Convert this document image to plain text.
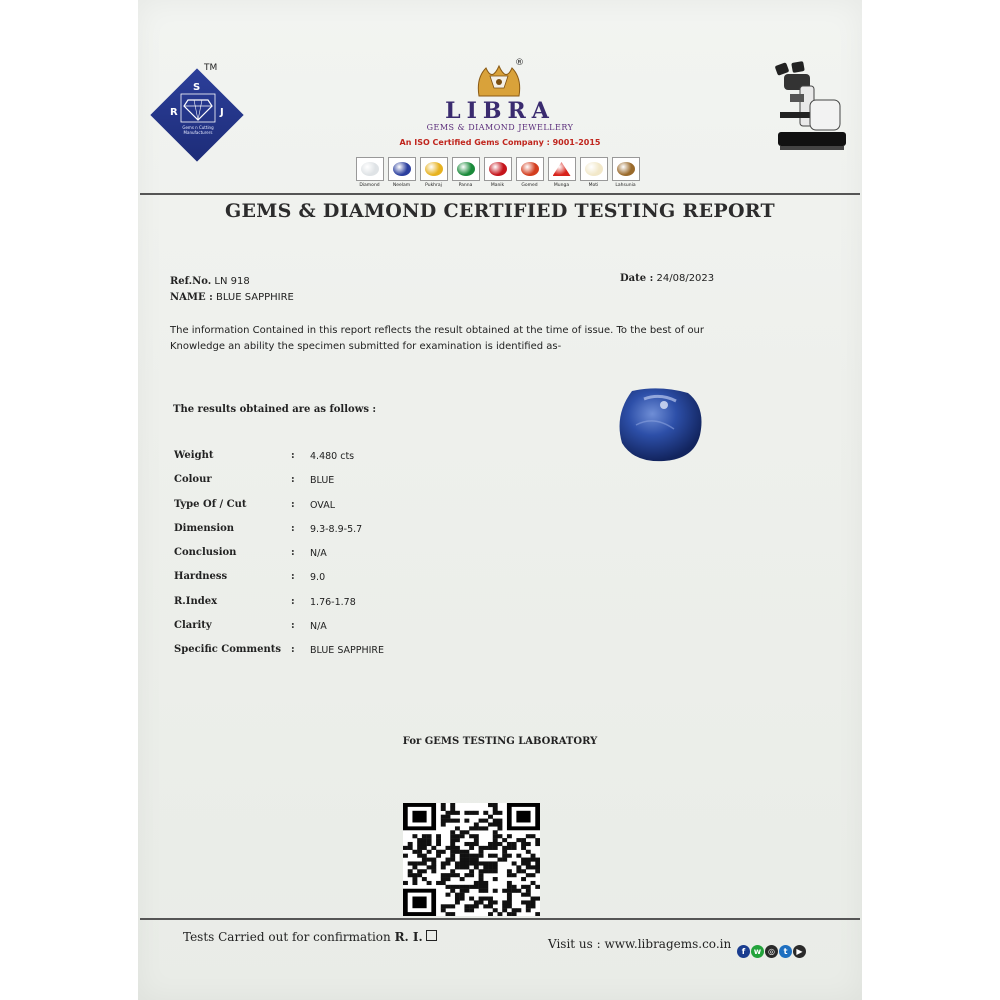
S
R	J
Gems n Cutting Manufacturers
TM	®
LIBRA
GEMS & DIAMOND JEWELLERY
An ISO Certified Gems Company : 9001-2015
Diamond	Neelam	Pukhraj	Panna	Manik	Gomed	Munga	Moti	Lahsunia
GEMS & DIAMOND CERTIFIED TESTING REPORT
Ref.No. LN 918
NAME : BLUE SAPPHIRE
Date : 24/08/2023
The information Contained in this report reflects the result obtained at the time of issue. To the best of our
Knowledge an ability the specimen submitted for examination is identified as-
The results obtained are as follows :
Weight	: 4.480 cts
Colour	: BLUE
Type Of / Cut	: OVAL
Dimension	: 9.3-8.9-5.7
Conclusion	: N/A
Hardness	: 9.0
R.Index	: 1.76-1.78
Clarity	: N/A
Specific Comments : BLUE SAPPHIRE
For GEMS TESTING LABORATORY
Tests Carried out for confirmation R. I.	Visit us : www.libragems.co.in
f	w ◎	t	▶
